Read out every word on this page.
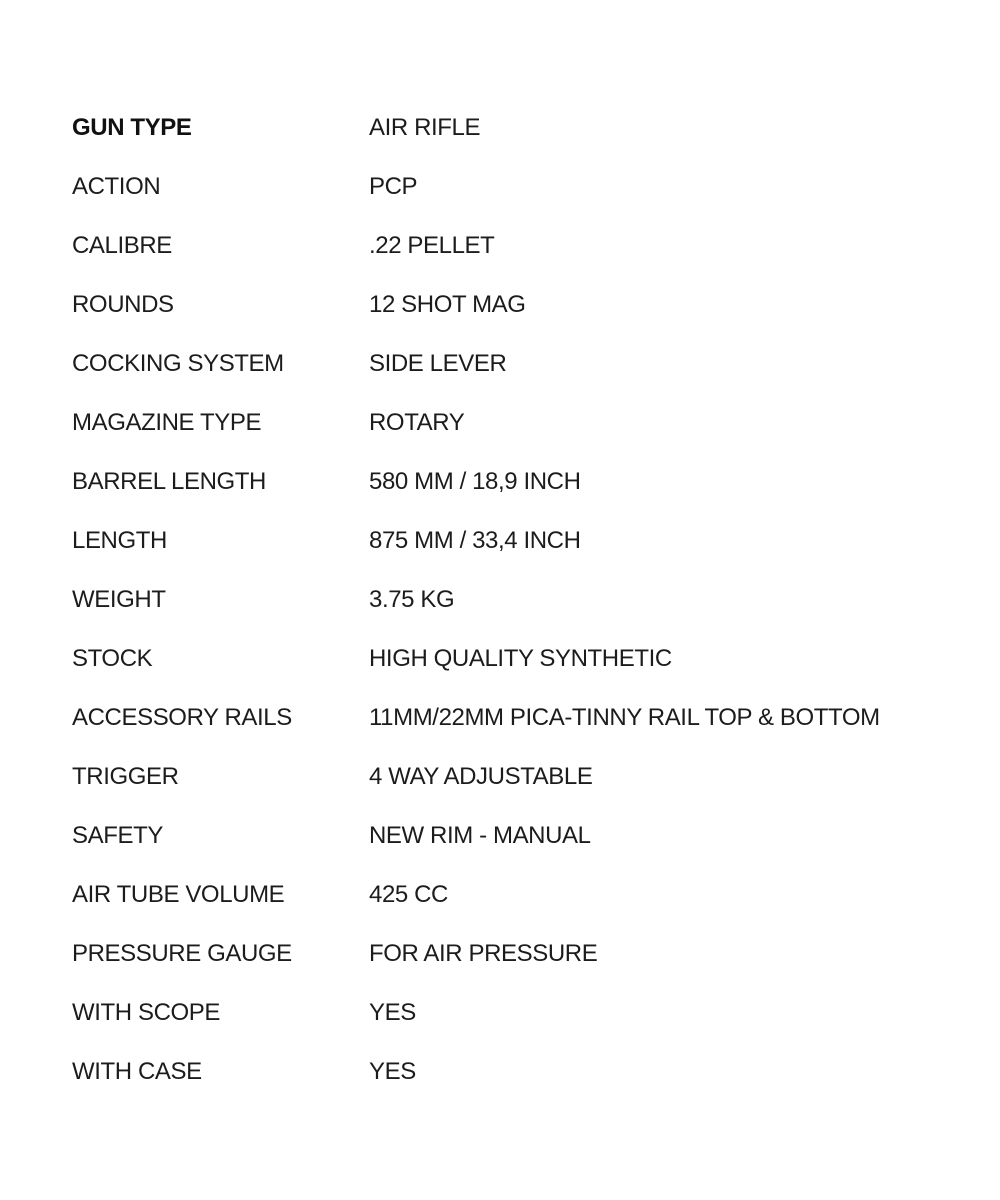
GUN TYPE	AIR RIFLE
ACTION	PCP
CALIBRE	.22 PELLET
ROUNDS	12 SHOT MAG
COCKING SYSTEM	SIDE LEVER
MAGAZINE TYPE	ROTARY
BARREL LENGTH	580 MM / 18,9 INCH
LENGTH	875 MM / 33,4 INCH
WEIGHT	3.75 KG
STOCK	HIGH QUALITY SYNTHETIC
ACCESSORY RAILS	11MM/22MM PICA-TINNY RAIL TOP & BOTTOM
TRIGGER	4 WAY ADJUSTABLE
SAFETY	NEW RIM - MANUAL
AIR TUBE VOLUME	425 CC
PRESSURE GAUGE	FOR AIR PRESSURE
WITH SCOPE	YES
WITH CASE	YES
